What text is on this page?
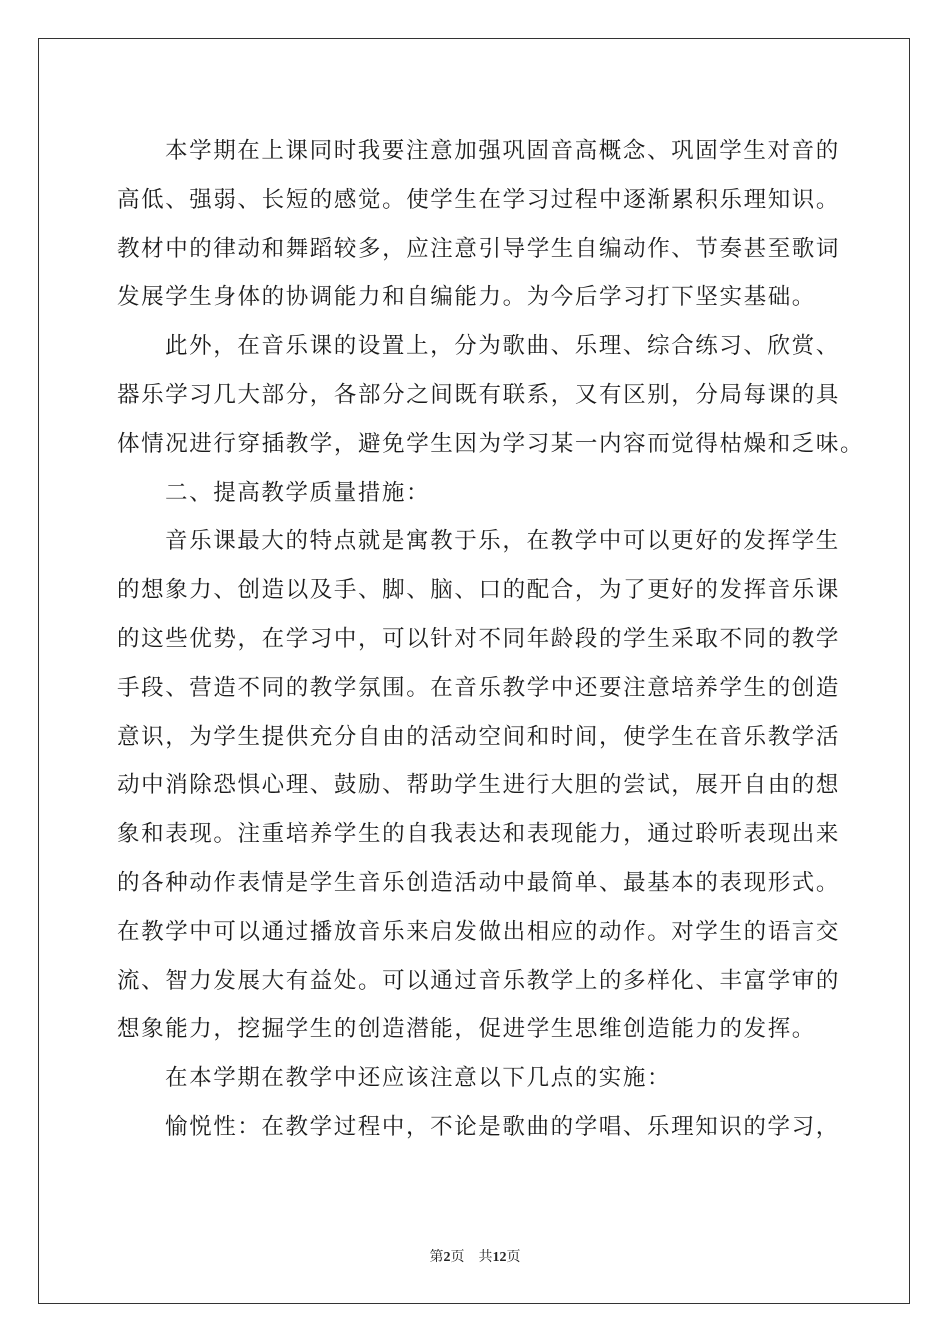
本学期在上课同时我要注意加强巩固音高概念、巩固学生对音的
高低、强弱、长短的感觉。使学生在学习过程中逐渐累积乐理知识。
教材中的律动和舞蹈较多，应注意引导学生自编动作、节奏甚至歌词
发展学生身体的协调能力和自编能力。为今后学习打下坚实基础。
此外，在音乐课的设置上，分为歌曲、乐理、综合练习、欣赏、
器乐学习几大部分，各部分之间既有联系，又有区别，分局每课的具
体情况进行穿插教学，避免学生因为学习某一内容而觉得枯燥和乏味。
二、提高教学质量措施：
音乐课最大的特点就是寓教于乐，在教学中可以更好的发挥学生
的想象力、创造以及手、脚、脑、口的配合，为了更好的发挥音乐课
的这些优势，在学习中，可以针对不同年龄段的学生采取不同的教学
手段、营造不同的教学氛围。在音乐教学中还要注意培养学生的创造
意识，为学生提供充分自由的活动空间和时间，使学生在音乐教学活
动中消除恐惧心理、鼓励、帮助学生进行大胆的尝试，展开自由的想
象和表现。注重培养学生的自我表达和表现能力，通过聆听表现出来
的各种动作表情是学生音乐创造活动中最简单、最基本的表现形式。
在教学中可以通过播放音乐来启发做出相应的动作。对学生的语言交
流、智力发展大有益处。可以通过音乐教学上的多样化、丰富学审的
想象能力，挖掘学生的创造潜能，促进学生思维创造能力的发挥。
在本学期在教学中还应该注意以下几点的实施：
愉悦性：在教学过程中，不论是歌曲的学唱、乐理知识的学习，
第2页 共12页
